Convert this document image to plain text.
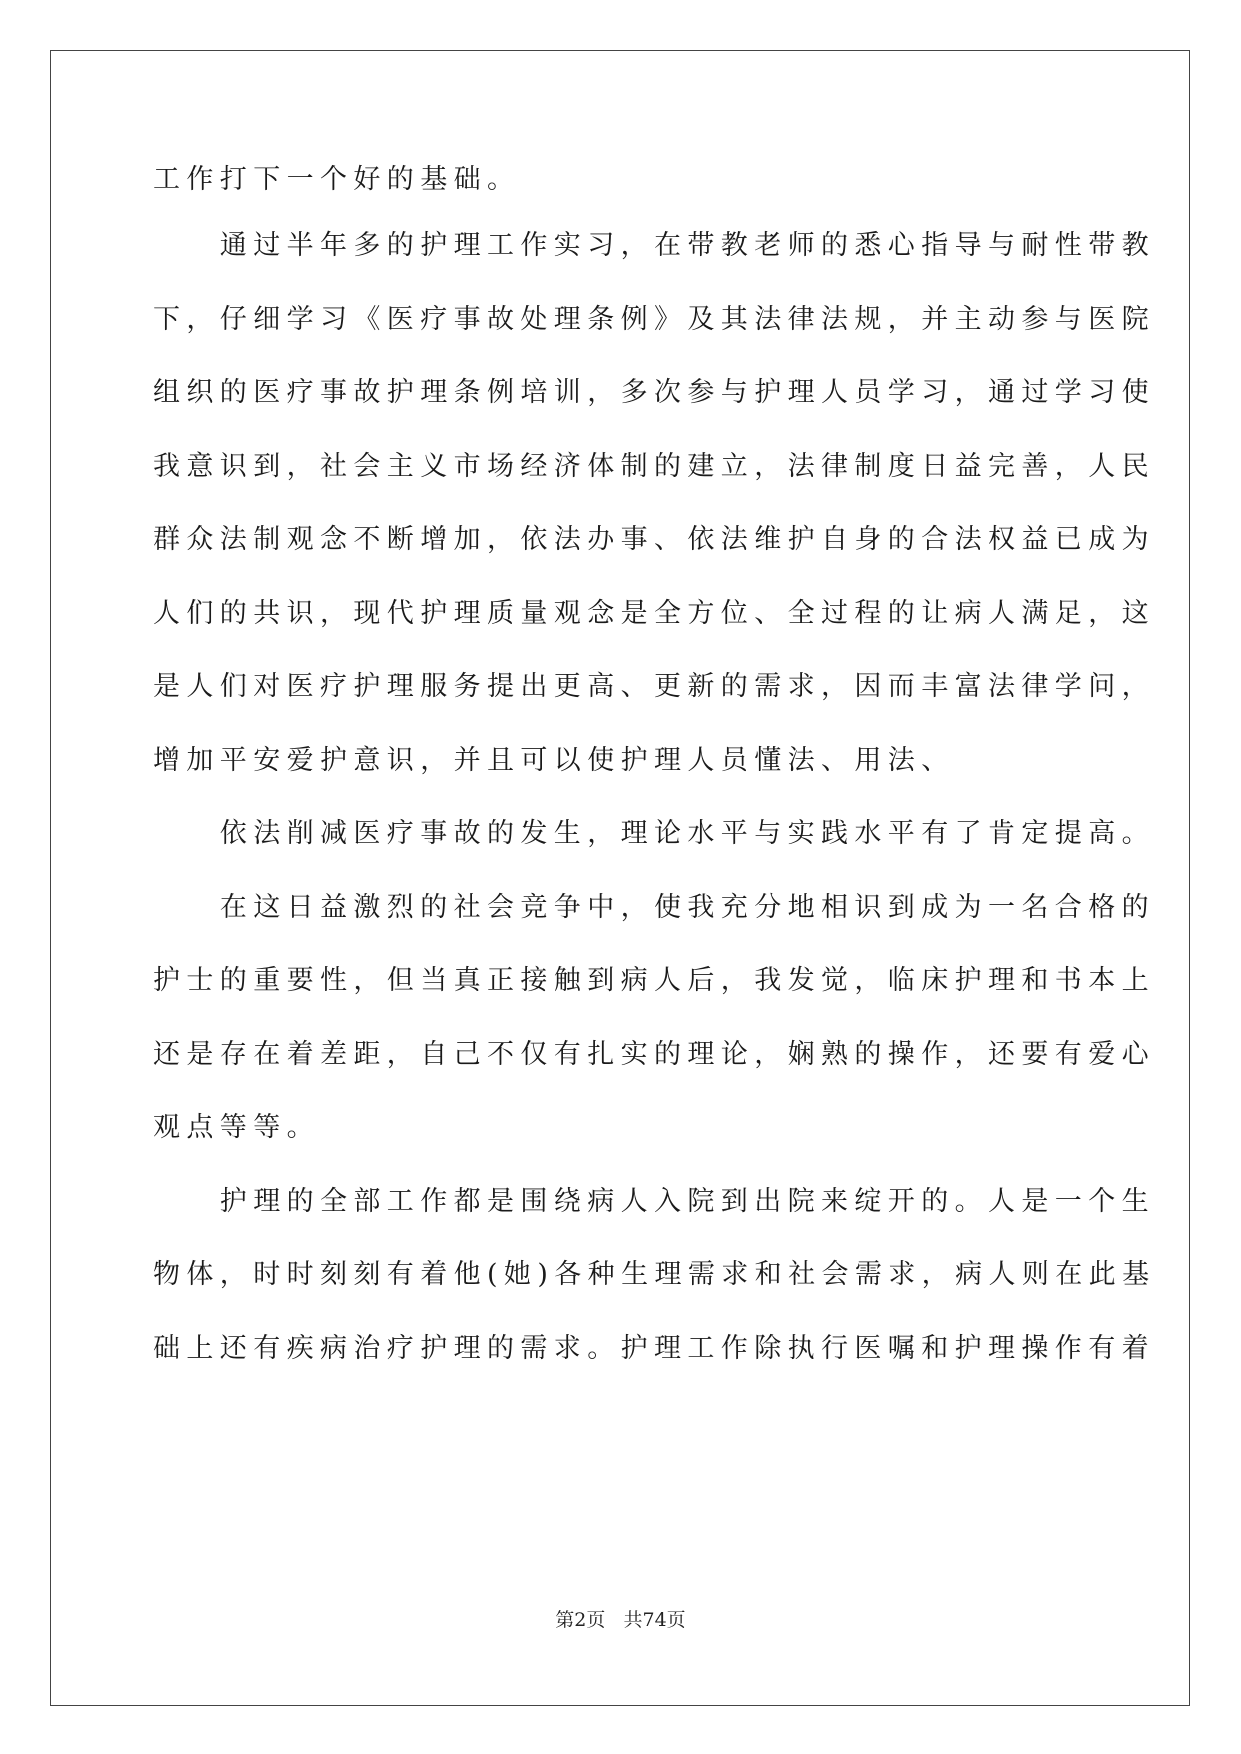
工作打下一个好的基础。

　　通过半年多的护理工作实习，在带教老师的悉心指导与耐性带教

下，仔细学习《医疗事故处理条例》及其法律法规，并主动参与医院

组织的医疗事故护理条例培训，多次参与护理人员学习，通过学习使

我意识到，社会主义市场经济体制的建立，法律制度日益完善，人民

群众法制观念不断增加，依法办事、依法维护自身的合法权益已成为

人们的共识，现代护理质量观念是全方位、全过程的让病人满足，这

是人们对医疗护理服务提出更高、更新的需求，因而丰富法律学问，

增加平安爱护意识，并且可以使护理人员懂法、用法、

　　依法削减医疗事故的发生，理论水平与实践水平有了肯定提高。

　　在这日益激烈的社会竞争中，使我充分地相识到成为一名合格的

护士的重要性，但当真正接触到病人后，我发觉，临床护理和书本上

还是存在着差距，自己不仅有扎实的理论，娴熟的操作，还要有爱心

观点等等。

　　护理的全部工作都是围绕病人入院到出院来绽开的。人是一个生

物体，时时刻刻有着他(她)各种生理需求和社会需求，病人则在此基

础上还有疾病治疗护理的需求。护理工作除执行医嘱和护理操作有着

第2页   共74页
